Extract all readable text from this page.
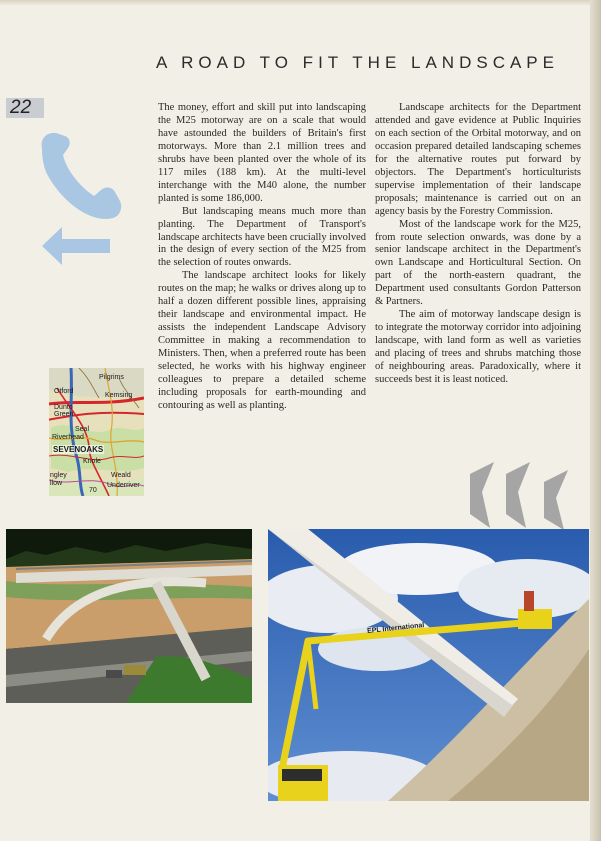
A ROAD TO FIT THE LANDSCAPE
22	The money, effort and skill put into landscaping the M25 motorway are on a scale that would have astounded the builders of Britain's first motorways. More than 2.1 million trees and shrubs have been planted over the whole of its 117 miles (188 km). At the multi-level interchange with the M40 alone, the number planted is some 186,000.

But landscaping means much more than planting. The Department of Transport's landscape architects have been crucially involved in the design of every section of the M25 from the selection of routes onwards.

The landscape architect looks for likely routes on the map; he walks or drives along up to half a dozen different possible lines, appraising their landscape and environmental impact. He assists the independent Landscape Advisory Committee in making a recommendation to Ministers. Then, when a preferred route has been selected, he works with his highway engineer colleagues to prepare a detailed scheme including proposals for earth-mounding and contouring as well as planting.

Landscape architects for the Department attended and gave evidence at Public Inquiries on each section of the Orbital motorway, and on occasion prepared detailed landscaping schemes for the alternative routes put forward by objectors. The Department's horticulturists supervise implementation of their landscape proposals; maintenance is carried out on an agency basis by the Forestry Commission.

Most of the landscape work for the M25, from route selection onwards, was done by a senior landscape architect in the Department's own Landscape and Horticultural Section. On part of the north-eastern quadrant, the Department used consultants Gordon Patterson & Partners.

The aim of motorway landscape design is to integrate the motorway corridor into adjoining landscape, with land form as well as varieties and placing of trees and shrubs matching those of neighbouring areas. Paradoxically, where it succeeds best it is least noticed.

Pilgrims
Otford
Kemsing
Dunto Green
Seal
Riverhead
SEVENOAKS
Knole
Underriver
Weald
ngley
llow
70
EPL International
